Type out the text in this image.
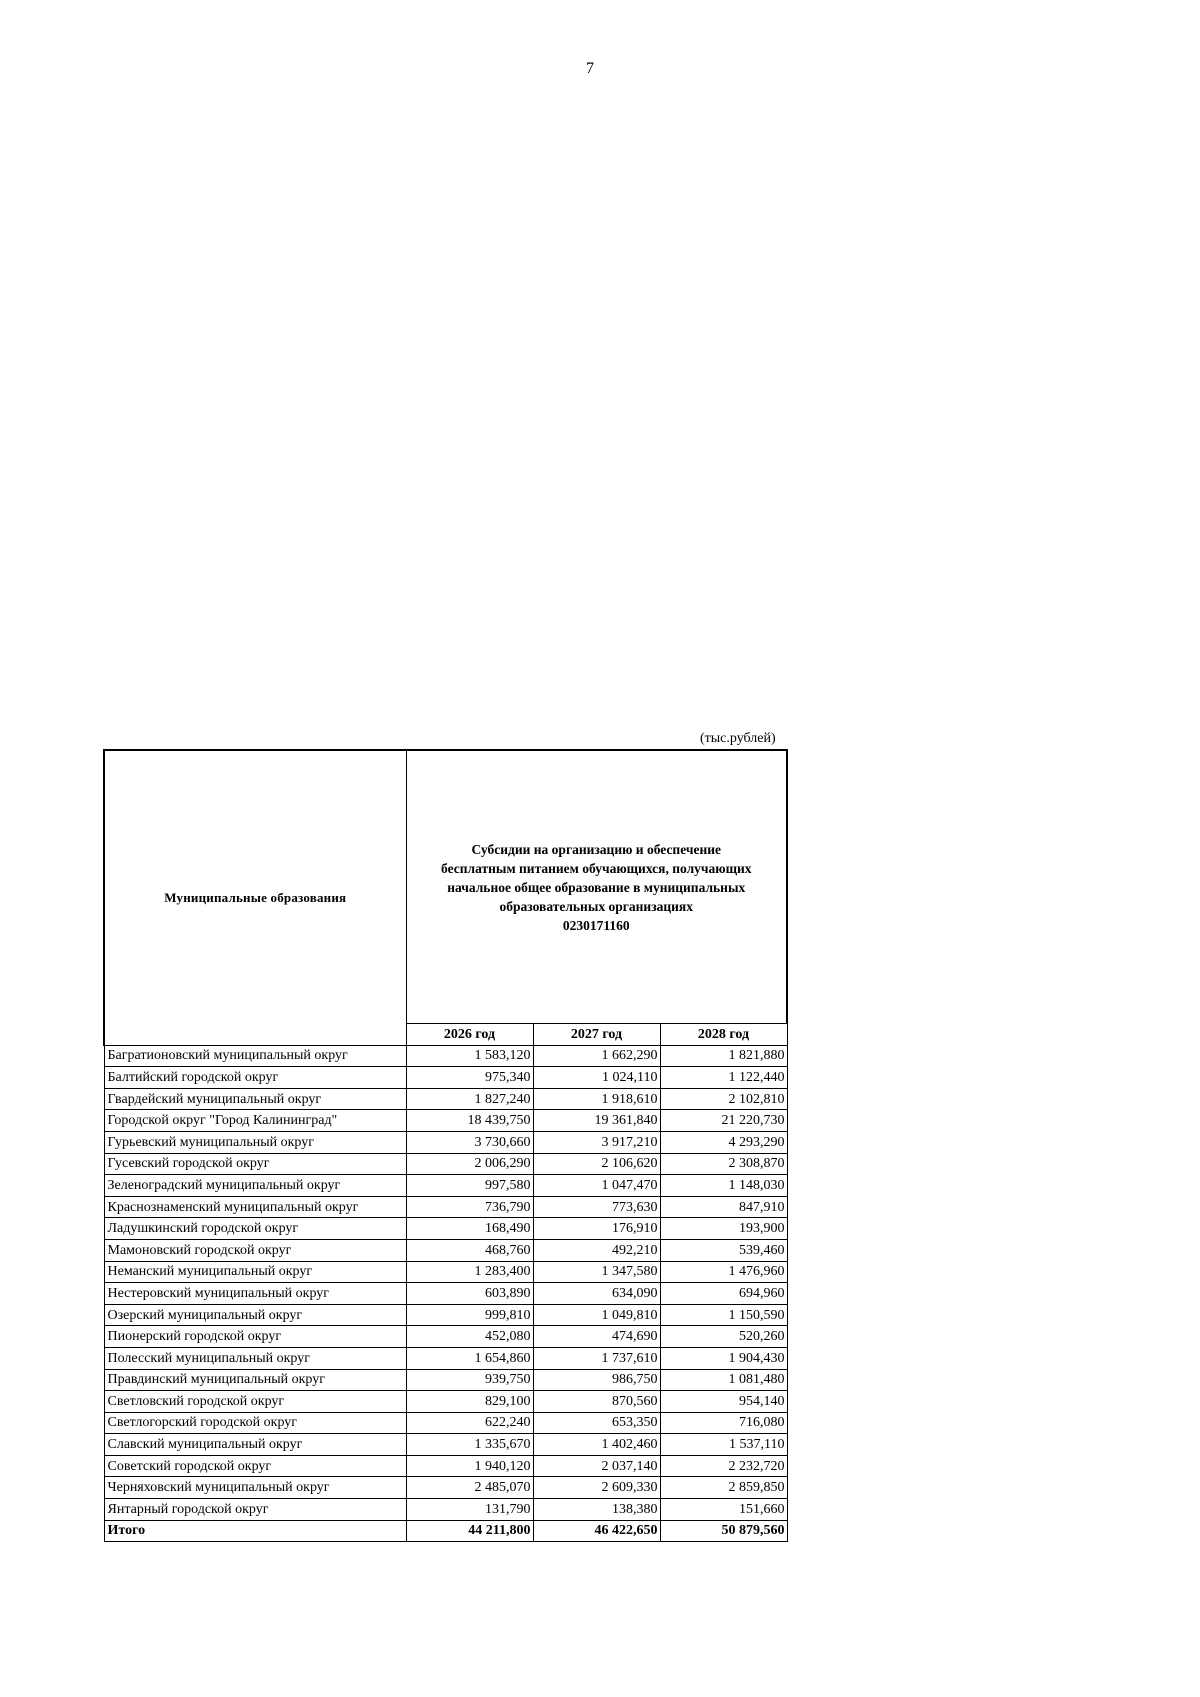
7
(тыс.рублей)
Муниципальные образования	Субсидии на организацию и обеспечение
бесплатным питанием обучающихся, получающих
начальное общее образование в муниципальных
образовательных организациях
0230171160		

	2026 год	2027 год	2028 год
Багратионовский муниципальный округ	1 583,120	1 662,290	1 821,880
Балтийский городской округ	975,340	1 024,110	1 122,440
Гвардейский муниципальный округ	1 827,240	1 918,610	2 102,810
Городской округ "Город Калининград"	18 439,750	19 361,840	21 220,730
Гурьевский муниципальный округ	3 730,660	3 917,210	4 293,290
Гусевский городской округ	2 006,290	2 106,620	2 308,870
Зеленоградский муниципальный округ	997,580	1 047,470	1 148,030
Краснознаменский муниципальный округ	736,790	773,630	847,910
Ладушкинский городской округ	168,490	176,910	193,900
Мамоновский городской округ	468,760	492,210	539,460
Неманский муниципальный округ	1 283,400	1 347,580	1 476,960
Нестеровский муниципальный округ	603,890	634,090	694,960
Озерский муниципальный округ	999,810	1 049,810	1 150,590
Пионерский городской округ	452,080	474,690	520,260
Полесский муниципальный округ	1 654,860	1 737,610	1 904,430
Правдинский муниципальный округ	939,750	986,750	1 081,480
Светловский городской округ	829,100	870,560	954,140
Светлогорский городской округ	622,240	653,350	716,080
Славский муниципальный округ	1 335,670	1 402,460	1 537,110
Советский городской округ	1 940,120	2 037,140	2 232,720
Черняховский муниципальный округ	2 485,070	2 609,330	2 859,850
Янтарный городской округ	131,790	138,380	151,660
Итого	44 211,800	46 422,650	50 879,560
